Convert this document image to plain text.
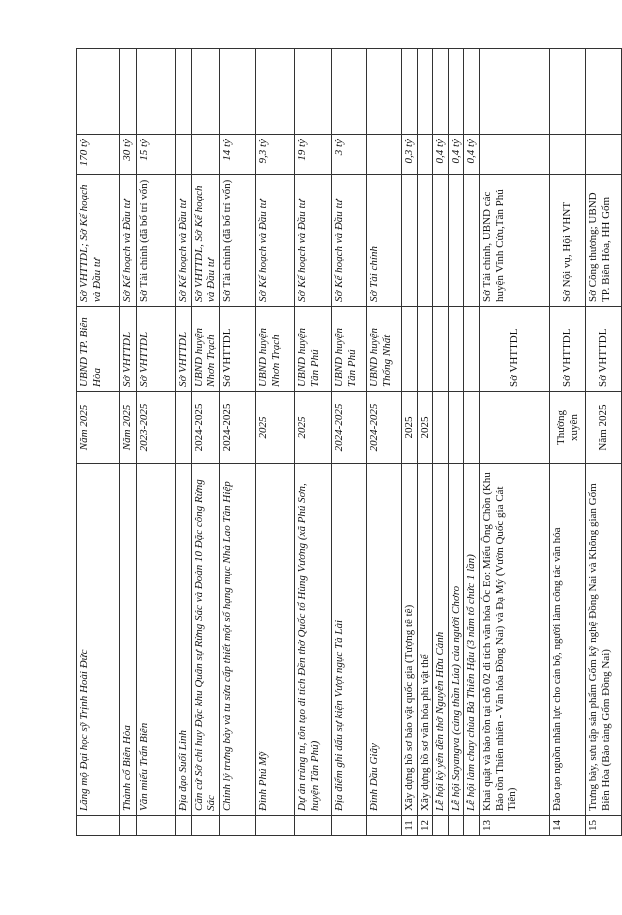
	Lăng mộ Đại học sỹ Trịnh Hoài Đức	Năm 2025	UBND TP. Biên Hòa	Sở VHTTDL; Sở Kế hoạch và Đầu tư	170 tỷ	
	Thành cổ Biên Hòa	Năm 2025	Sở VHTTDL	Sở Kế hoạch và Đầu tư	30 tỷ	
	Văn miếu Trấn Biên	2023-2025	Sở VHTTDL	Sở Tài chính (đã bố trí vốn)	15 tỷ	
	Địa đạo Suối Linh		Sở VHTTDL	Sở Kế hoạch và Đầu tư		
	Căn cứ Sở chỉ huy Đặc khu Quân sự Rừng Sác và Đoàn 10 Đặc công Rừng Sác	2024-2025	UBND huyện Nhơn Trạch	Sở VHTTDL, Sở Kế hoạch và Đầu tư		
	Chỉnh lý trưng bày và tu sửa cấp thiết một số hạng mục Nhà Lao Tân Hiệp	2024-2025	Sở VHTTDL	Sở Tài chính (đã bố trí vốn)	14 tỷ	
	Đình Phú Mỹ	2025	UBND huyện Nhơn Trạch	Sở Kế hoạch và Đầu tư	9,3 tỷ	
	Dự án trùng tu, tôn tạo di tích Đền thờ Quốc tổ Hùng Vương (xã Phú Sơn, huyện Tân Phú)	2025	UBND huyện Tân Phú	Sở Kế hoạch và Đầu tư	19 tỷ	
	Địa điểm ghi dấu sự kiện Vượt ngục Tà Lài	2024-2025	UBND huyện Tân Phú	Sở Kế hoạch và Đầu tư	3 tỷ	
	Đình Dầu Giây	2024-2025	UBND huyện Thống Nhất	Sở Tài chính		
11	Xây dựng hồ sơ bảo vật quốc gia (Tượng tê tê)	2025			0,3 tỷ	
12	Xây dựng hồ sơ văn hóa phi vật thể	2025				
	Lễ hội kỳ yên đền thờ Nguyễn Hữu Cảnh				0,4 tỷ	
	Lễ hội Sayangva (cúng thần Lúa) của người Chơro				0,4 tỷ	
	Lễ hội làm chay chùa Bà Thiên Hậu (3 năm tổ chức 1 lần)				0,4 tỷ	
13	Khai quật và bảo tồn tại chỗ 02 di tích văn hóa Óc Eo: Miếu Ông Chồn (Khu Bảo tồn Thiên nhiên - Văn hóa Đồng Nai) và Đạ Mý (Vườn Quốc gia Cát Tiên)		Sở VHTTDL	Sở Tài chính, UBND các huyện Vĩnh Cửu,Tân Phú		
14	Đào tạo nguồn nhân lực cho cán bộ, người làm công tác văn hóa	Thường xuyên	Sở VHTTDL	Sở Nội vụ, Hội VHNT		
15	Trưng bày, sưu tập sản phẩm Gốm kỹ nghệ Đồng Nai và Không gian Gốm Biên Hòa (Bảo tàng Gốm Đồng Nai)	Năm 2025	Sở VHTTDL	Sở Công thương; UBND TP. Biên Hòa, HH Gốm		
